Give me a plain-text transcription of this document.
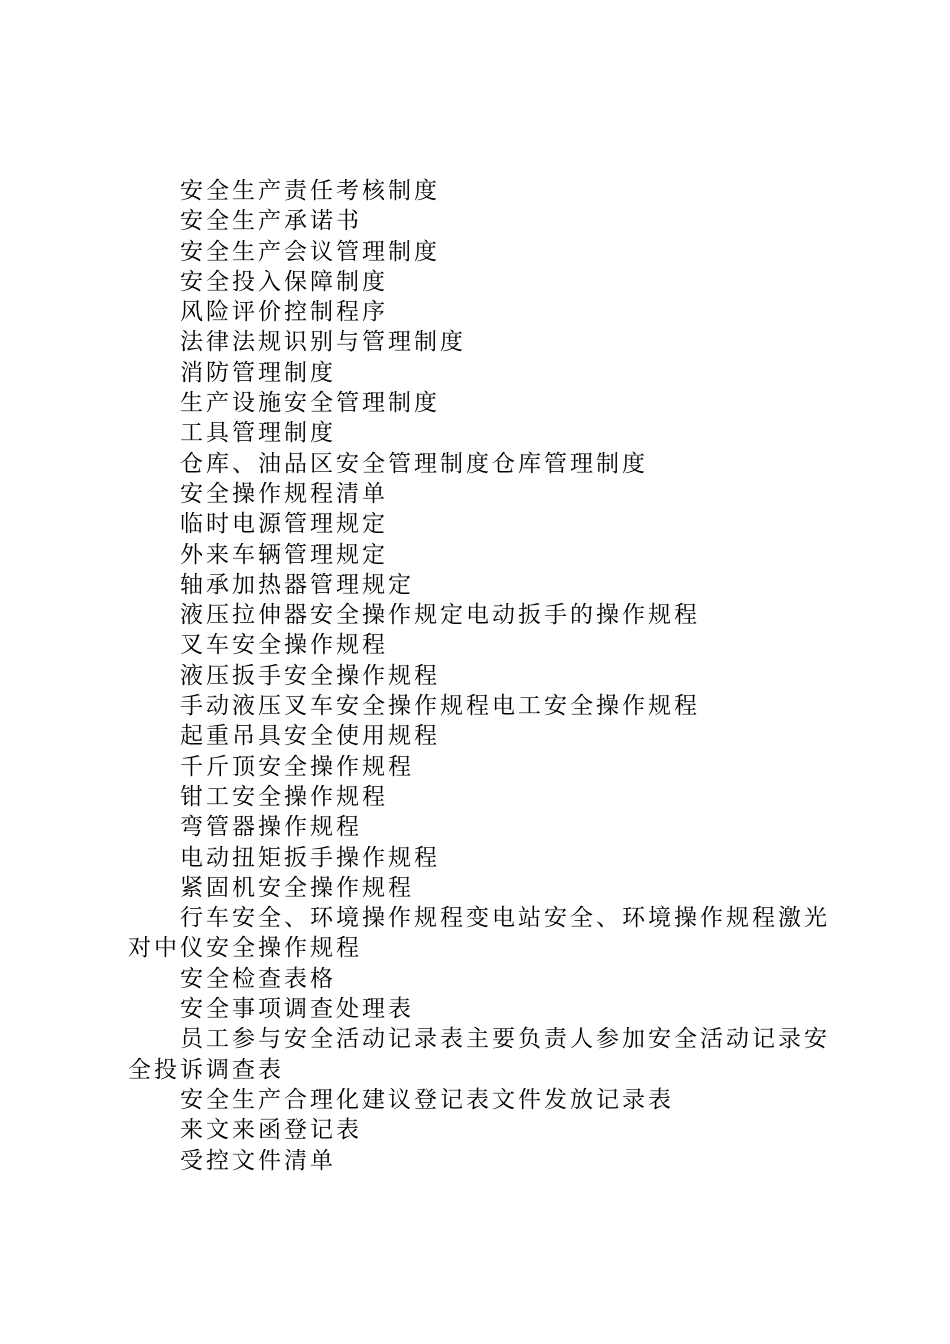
安全生产责任考核制度

安全生产承诺书

安全生产会议管理制度

安全投入保障制度

风险评价控制程序

法律法规识别与管理制度

消防管理制度

生产设施安全管理制度

工具管理制度

仓库、油品区安全管理制度仓库管理制度

安全操作规程清单

临时电源管理规定

外来车辆管理规定

轴承加热器管理规定

液压拉伸器安全操作规定电动扳手的操作规程

叉车安全操作规程

液压扳手安全操作规程

手动液压叉车安全操作规程电工安全操作规程

起重吊具安全使用规程

千斤顶安全操作规程

钳工安全操作规程

弯管器操作规程

电动扭矩扳手操作规程

紧固机安全操作规程

行车安全、环境操作规程变电站安全、环境操作规程激光对中仪安全操作规程

安全检查表格

安全事项调查处理表

员工参与安全活动记录表主要负责人参加安全活动记录安全投诉调查表

安全生产合理化建议登记表文件发放记录表

来文来函登记表

受控文件清单
